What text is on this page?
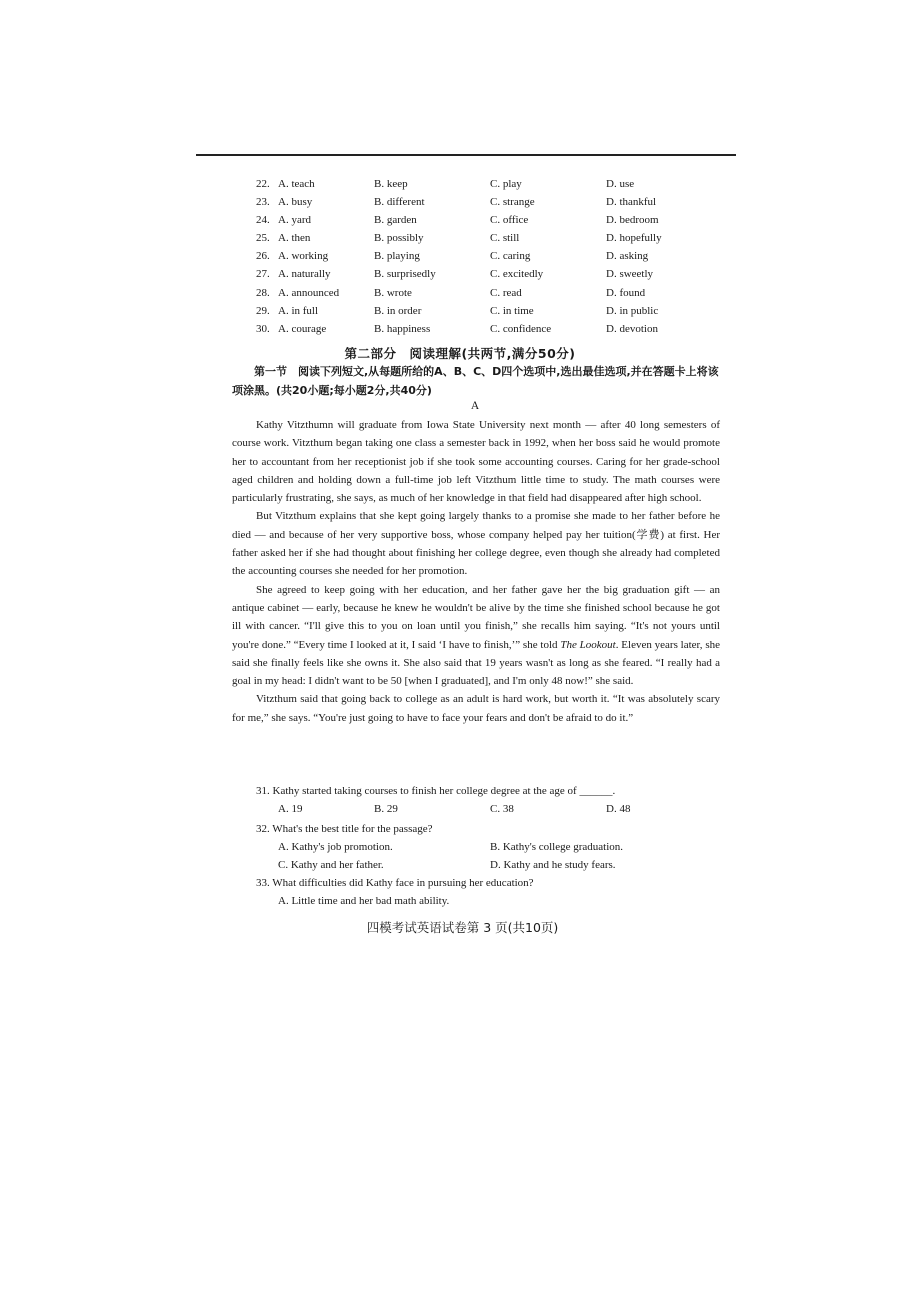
22. A. teach	B. keep	C. play	D. use
23. A. busy	B. different	C. strange	D. thankful
24. A. yard	B. garden	C. office	D. bedroom
25. A. then	B. possibly	C. still	D. hopefully
26. A. working	B. playing	C. caring	D. asking
27. A. naturally	B. surprisedly	C. excitedly	D. sweetly
28. A. announced	B. wrote	C. read	D. found
29. A. in full	B. in order	C. in time	D. in public
30. A. courage	B. happiness	C. confidence	D. devotion
第二部分　阅读理解(共两节,满分50分)
第一节　阅读下列短文,从每题所给的A、B、C、D四个选项中,选出最佳选项,并在答题卡上将该项涂黑。(共20小题;每小题2分,共40分)
A

Kathy Vitzthumn will graduate from Iowa State University next month — after 40 long semesters of course work. Vitzthum began taking one class a semester back in 1992, when her boss said he would promote her to accountant from her receptionist job if she took some accounting courses. Caring for her grade-school aged children and holding down a full-time job left Vitzthum little time to study. The math courses were particularly frustrating, she says, as much of her knowledge in that field had disappeared after high school.

But Vitzthum explains that she kept going largely thanks to a promise she made to her father before he died — and because of her very supportive boss, whose company helped pay her tuition(学费) at first. Her father asked her if she had thought about finishing her college degree, even though she already had completed the accounting courses she needed for her promotion.

She agreed to keep going with her education, and her father gave her the big graduation gift — an antique cabinet — early, because he knew he wouldn't be alive by the time she finished school because he got ill with cancer. “I'll give this to you on loan until you finish,” she recalls him saying. “It's not yours until you're done.” “Every time I looked at it, I said ‘I have to finish,’” she told The Lookout. Eleven years later, she said she finally feels like she owns it. She also said that 19 years wasn't as long as she feared. “I really had a goal in my head: I didn't want to be 50 [when I graduated], and I'm only 48 now!” she said.

Vitzthum said that going back to college as an adult is hard work, but worth it. “It was absolutely scary for me,” she says. “You're just going to have to face your fears and don't be afraid to do it.”

31. Kathy started taking courses to finish her college degree at the age of ______.
A. 19	B. 29	C. 38	D. 48
32. What's the best title for the passage?
A. Kathy's job promotion.	B. Kathy's college graduation.
C. Kathy and her father.	D. Kathy and he study fears.
33. What difficulties did Kathy face in pursuing her education?
A. Little time and her bad math ability.
四模考试英语试卷第 3 页(共10页)
